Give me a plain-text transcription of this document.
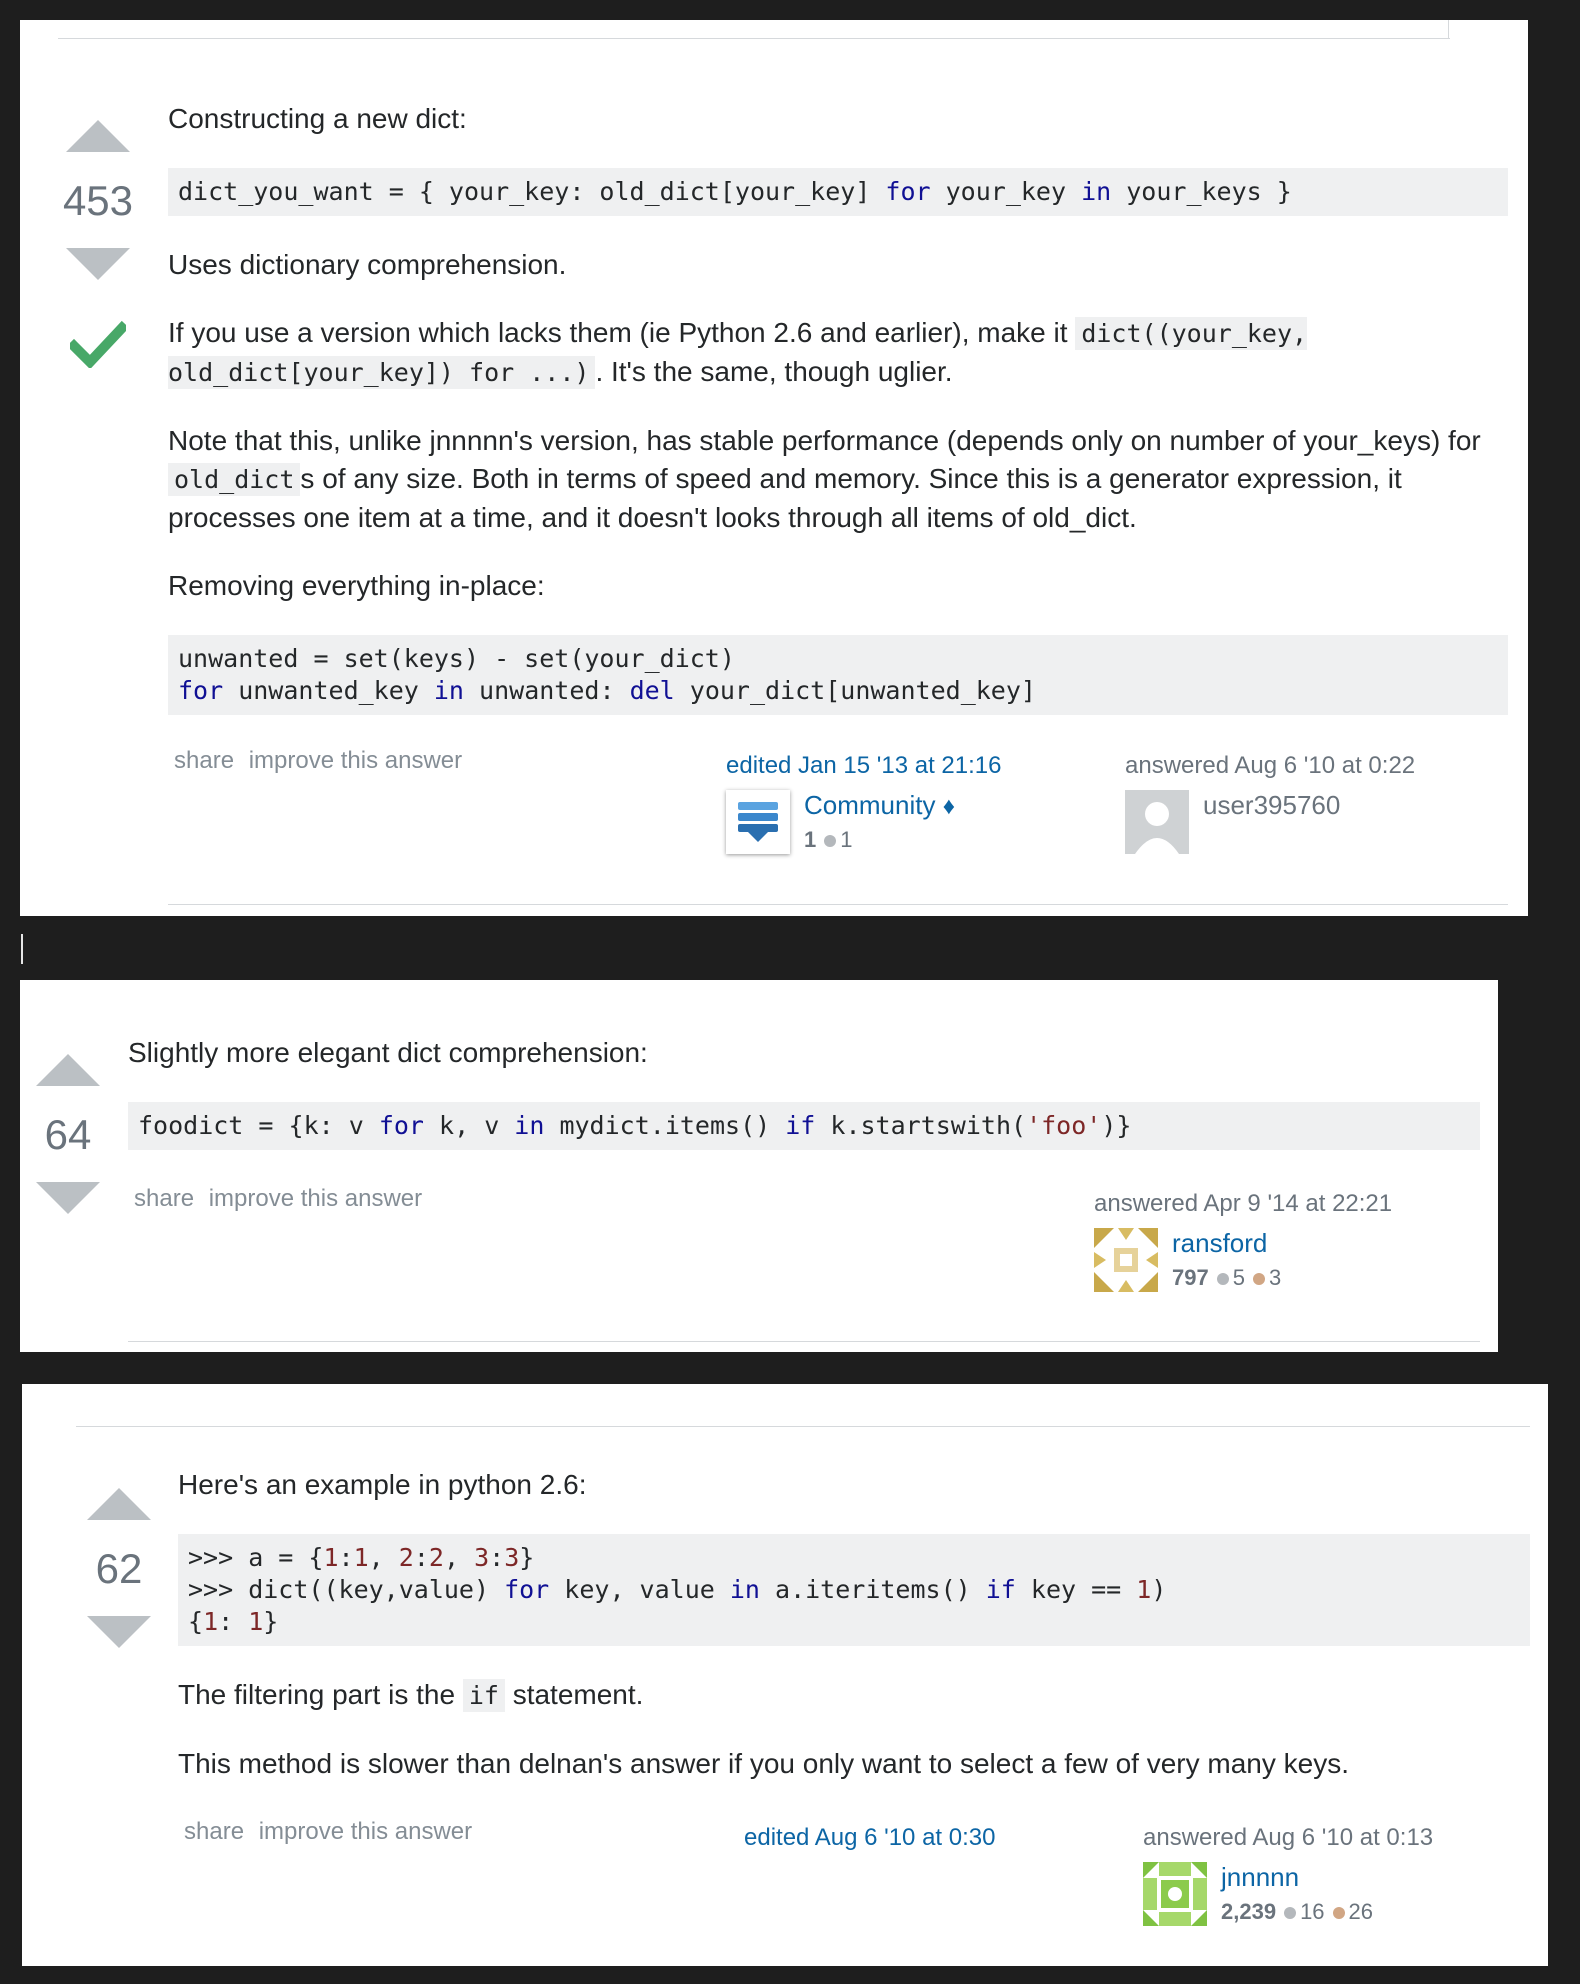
453

Constructing a new dict:

dict_you_want = { your_key: old_dict[your_key] for your_key in your_keys }

Uses dictionary comprehension.

If you use a version which lacks them (ie Python 2.6 and earlier), make it dict((your_key, old_dict[your_key]) for ...) . It's the same, though uglier.

Note that this, unlike jnnnnn's version, has stable performance (depends only on number of your_keys) for old_dict s of any size. Both in terms of speed and memory. Since this is a generator expression, it processes one item at a time, and it doesn't looks through all items of old_dict.

Removing everything in-place:

unwanted = set(keys) - set(your_dict)
for unwanted_key in unwanted: del your_dict[unwanted_key]
share improve this answer	edited Jan 15 '13 at 21:16
Community ♦
1 1
answered Aug 6 '10 at 0:22
user395760
64

Slightly more elegant dict comprehension:

foodict = {k: v for k, v in mydict.items() if k.startswith('foo')}
share improve this answer	answered Apr 9 '14 at 22:21
ransford
797 5 3
62

Here's an example in python 2.6:

>>> a = {1:1, 2:2, 3:3}
>>> dict((key,value) for key, value in a.iteritems() if key == 1)
{1: 1}

The filtering part is the if statement.

This method is slower than delnan's answer if you only want to select a few of very many keys.

share improve this answer	edited Aug 6 '10 at 0:30	answered Aug 6 '10 at 0:13
jnnnnn
2,239 16 26
